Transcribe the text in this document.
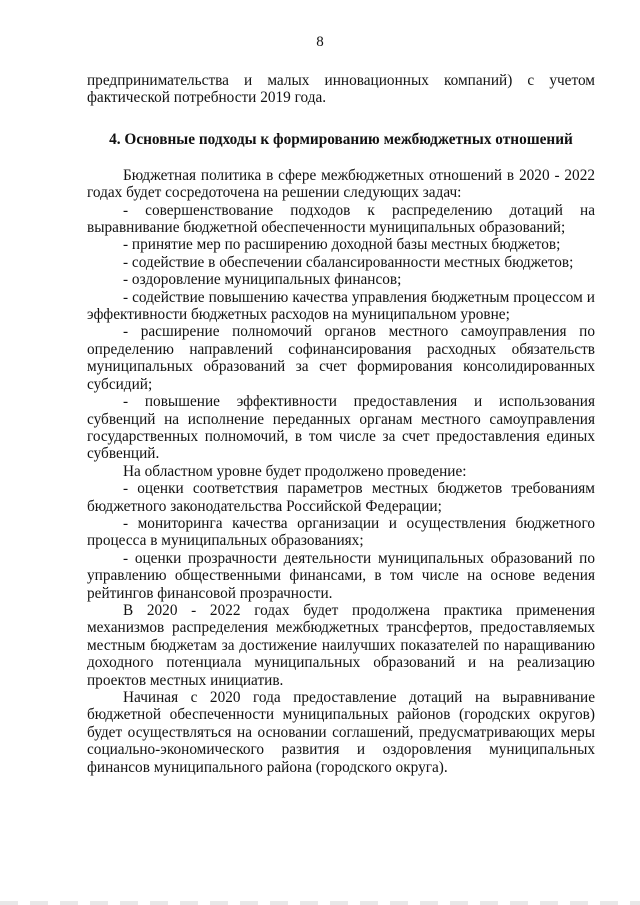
8

предпринимательства и малых инновационных компаний) с учетом фактической потребности 2019 года.

4. Основные подходы к формированию межбюджетных отношений

Бюджетная политика в сфере межбюджетных отношений в 2020 - 2022 годах будет сосредоточена на решении следующих задач:

- совершенствование подходов к распределению дотаций на выравнивание бюджетной обеспеченности муниципальных образований;

- принятие мер по расширению доходной базы местных бюджетов;

- содействие в обеспечении сбалансированности местных бюджетов;

- оздоровление муниципальных финансов;

- содействие повышению качества управления бюджетным процессом и эффективности бюджетных расходов на муниципальном уровне;

- расширение полномочий органов местного самоуправления по определению направлений софинансирования расходных обязательств муниципальных образований за счет формирования консолидированных субсидий;

- повышение эффективности предоставления и использования субвенций на исполнение переданных органам местного самоуправления государственных полномочий, в том числе за счет предоставления единых субвенций.

На областном уровне будет продолжено проведение:

- оценки соответствия параметров местных бюджетов требованиям бюджетного законодательства Российской Федерации;

- мониторинга качества организации и осуществления бюджетного процесса в муниципальных образованиях;

- оценки прозрачности деятельности муниципальных образований по управлению общественными финансами, в том числе на основе ведения рейтингов финансовой прозрачности.

В 2020 - 2022 годах будет продолжена практика применения механизмов распределения межбюджетных трансфертов, предоставляемых местным бюджетам за достижение наилучших показателей по наращиванию доходного потенциала муниципальных образований и на реализацию проектов местных инициатив.

Начиная с 2020 года предоставление дотаций на выравнивание бюджетной обеспеченности муниципальных районов (городских округов) будет осуществляться на основании соглашений, предусматривающих меры социально-экономического развития и оздоровления муниципальных финансов муниципального района (городского округа).
